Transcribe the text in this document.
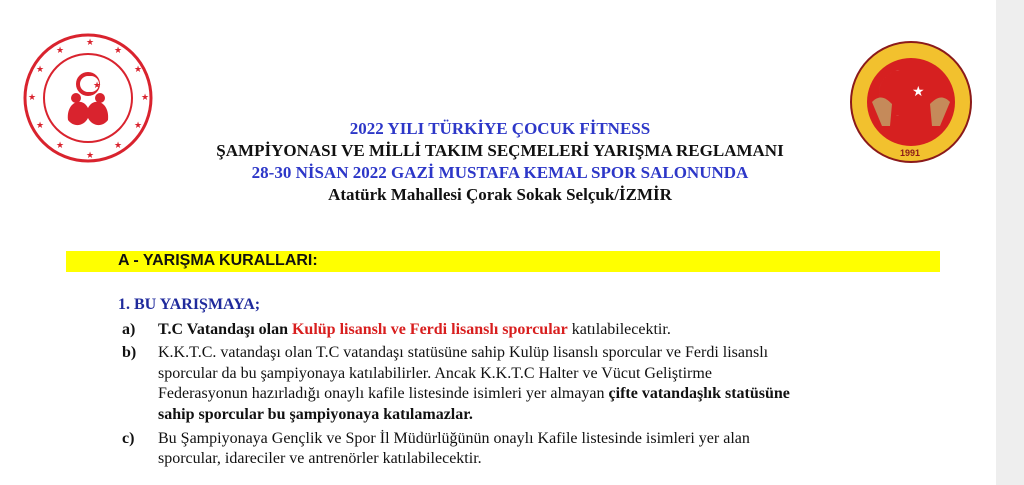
★
★
★
★
★
★
★
★
★
★
★
★
★	★
1991
2022 YILI TÜRKİYE ÇOCUK FİTNESS
ŞAMPİYONASI VE MİLLİ TAKIM SEÇMELERİ YARIŞMA REGLAMANI
28-30 NİSAN 2022 GAZİ MUSTAFA KEMAL SPOR SALONUNDA
Atatürk Mahallesi Çorak Sokak Selçuk/İZMİR
A - YARIŞMA KURALLARI:
1. BU YARIŞMAYA;
a) T.C Vatandaşı olan Kulüp lisanslı ve Ferdi lisanslı sporcular katılabilecektir.
b) K.K.T.C. vatandaşı olan T.C vatandaşı statüsüne sahip Kulüp lisanslı sporcular ve Ferdi lisanslı
sporcular da bu şampiyonaya katılabilirler. Ancak K.K.T.C Halter ve Vücut Geliştirme
Federasyonun hazırladığı onaylı kafile listesinde isimleri yer almayan çifte vatandaşlık statüsüne
sahip sporcular bu şampiyonaya katılamazlar.
c) Bu Şampiyonaya Gençlik ve Spor İl Müdürlüğünün onaylı Kafile listesinde isimleri yer alan
sporcular, idareciler ve antrenörler katılabilecektir.
